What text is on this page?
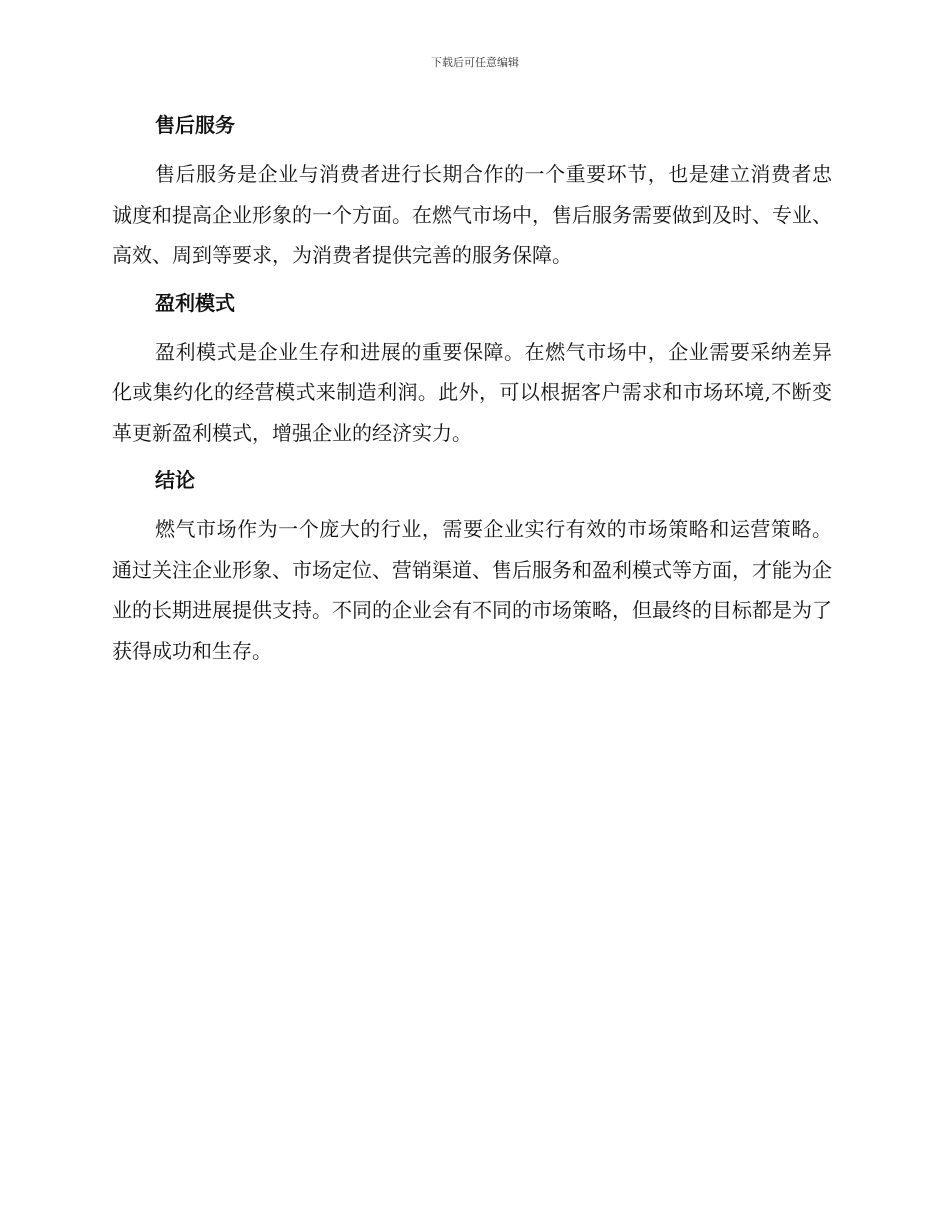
下载后可任意编辑
售后服务

售后服务是企业与消费者进行长期合作的一个重要环节，也是建立消费者忠诚度和提高企业形象的一个方面。在燃气市场中，售后服务需要做到及时、专业、高效、周到等要求，为消费者提供完善的服务保障。

盈利模式

盈利模式是企业生存和进展的重要保障。在燃气市场中，企业需要采纳差异化或集约化的经营模式来制造利润。此外，可以根据客户需求和市场环境,不断变革更新盈利模式，增强企业的经济实力。

结论

燃气市场作为一个庞大的行业，需要企业实行有效的市场策略和运营策略。通过关注企业形象、市场定位、营销渠道、售后服务和盈利模式等方面，才能为企业的长期进展提供支持。不同的企业会有不同的市场策略，但最终的目标都是为了获得成功和生存。
